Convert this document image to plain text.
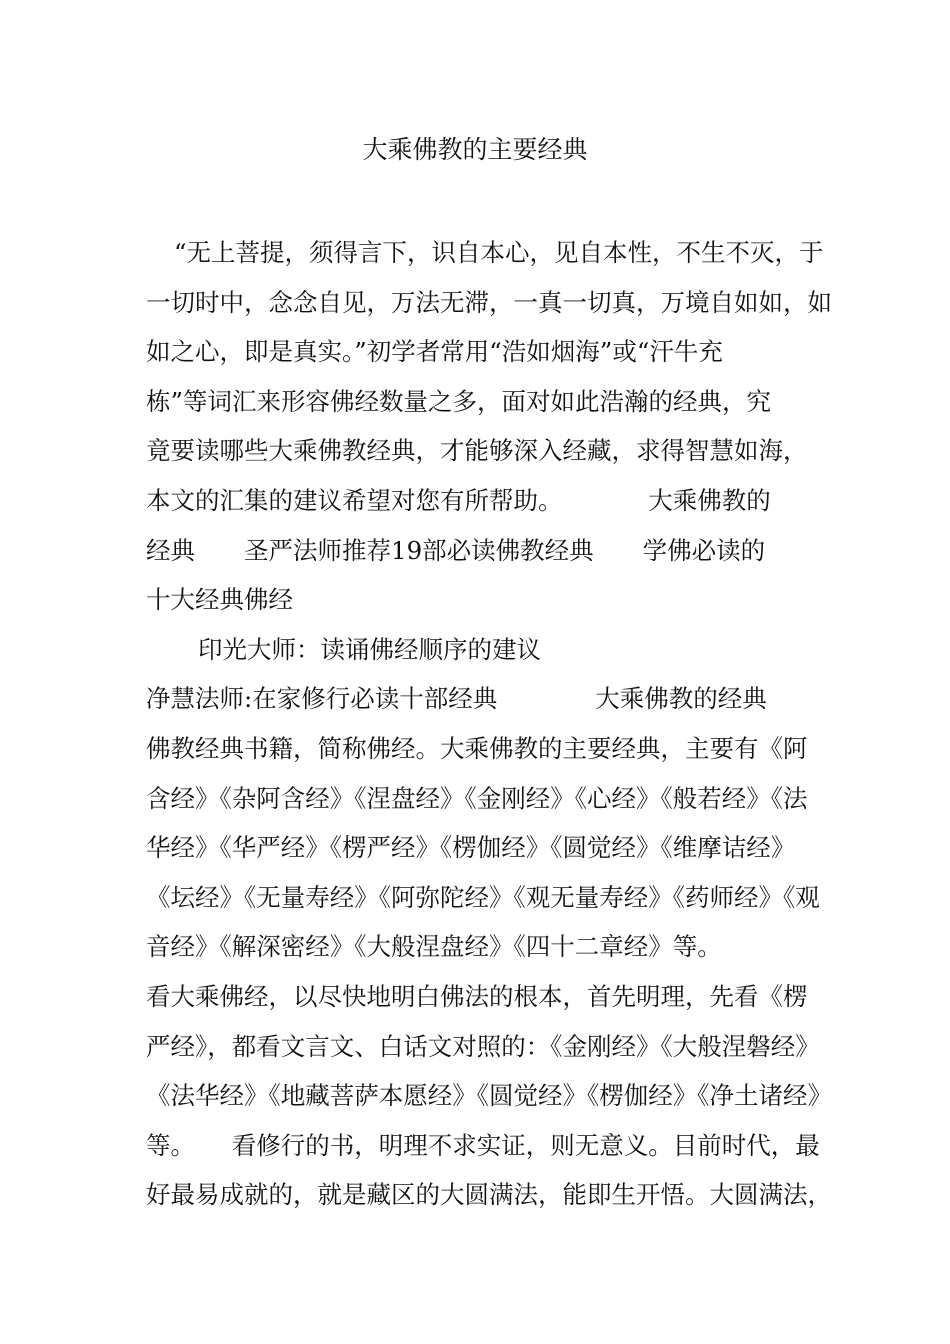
大乘佛教的主要经典
“无上菩提，须得言下，识自本心，见自本性，不生不灭，于
一切时中，念念自见，万法无滞，一真一切真，万境自如如，如
如之心，即是真实。”初学者常用“浩如烟海”或“汗牛充
栋”等词汇来形容佛经数量之多，面对如此浩瀚的经典，究
竟要读哪些大乘佛教经典，才能够深入经藏，求得智慧如海，
本文的汇集的建议希望对您有所帮助。　　　　大乘佛教的
经典　　圣严法师推荐19部必读佛教经典　　学佛必读的
十大经典佛经
印光大师：读诵佛经顺序的建议
净慧法师:在家修行必读十部经典　　　　大乘佛教的经典
佛教经典书籍，简称佛经。大乘佛教的主要经典，主要有《阿
含经》《杂阿含经》《涅盘经》《金刚经》《心经》《般若经》《法
华经》《华严经》《楞严经》《楞伽经》《圆觉经》《维摩诘经》
《坛经》《无量寿经》《阿弥陀经》《观无量寿经》《药师经》《观
音经》《解深密经》《大般涅盘经》《四十二章经》等。
看大乘佛经，以尽快地明白佛法的根本，首先明理，先看《楞
严经》，都看文言文、白话文对照的：《金刚经》《大般涅磐经》
《法华经》《地藏菩萨本愿经》《圆觉经》《楞伽经》《净土诸经》
等。　　看修行的书，明理不求实证，则无意义。目前时代，最
好最易成就的，就是藏区的大圆满法，能即生开悟。大圆满法，
